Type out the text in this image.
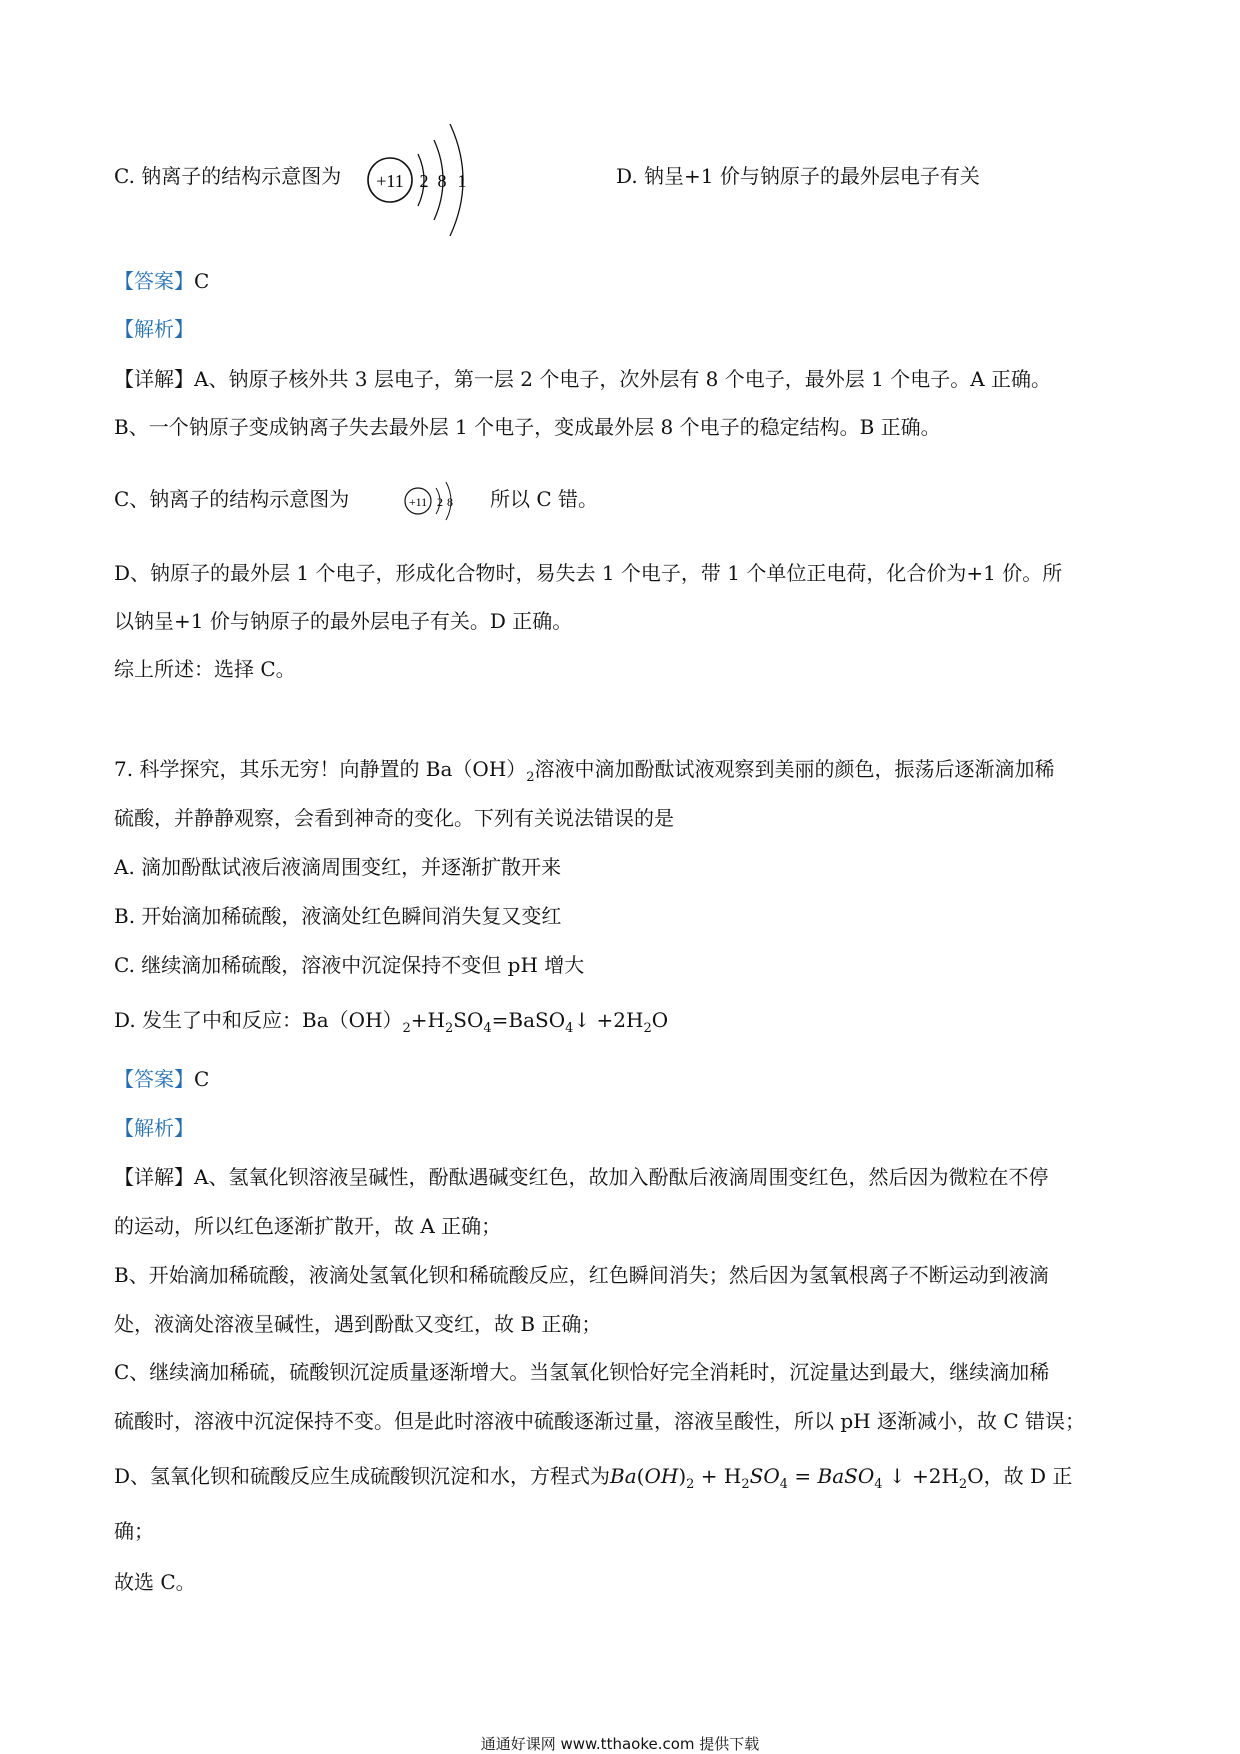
C. 钠离子的结构示意图为 +11 2 8 1	D. 钠呈+1 价与钠原子的最外层电子有关
【答案】C
【解析】
【详解】A、钠原子核外共 3 层电子，第一层 2 个电子，次外层有 8 个电子，最外层 1 个电子。A 正确。
B、一个钠原子变成钠离子失去最外层 1 个电子，变成最外层 8 个电子的稳定结构。B 正确。
C、钠离子的结构示意图为	+11 2 8 所以 C 错。
D、钠原子的最外层 1 个电子，形成化合物时，易失去 1 个电子，带 1 个单位正电荷，化合价为+1 价。所
以钠呈+1 价与钠原子的最外层电子有关。D 正确。
综上所述：选择 C。
7. 科学探究，其乐无穷！向静置的 $Ba(OH)_2$溶液中滴加酚酞试液观察到美丽的颜色，振荡后逐渐滴加稀
硫酸，并静静观察，会看到神奇的变化。下列有关说法错误的是
A. 滴加酚酞试液后液滴周围变红，并逐渐扩散开来
B. 开始滴加稀硫酸，液滴处红色瞬间消失复又变红
C. 继续滴加稀硫酸，溶液中沉淀保持不变但 pH 增大
D. 发生了中和反应：$Ba(OH)_2+H_2SO_4=BaSO_4↓ +2H_2O$
【答案】C
【解析】
【详解】A、氢氧化钡溶液呈碱性，酚酞遇碱变红色，故加入酚酞后液滴周围变红色，然后因为微粒在不停
的运动，所以红色逐渐扩散开，故 A 正确；
B、开始滴加稀硫酸，液滴处氢氧化钡和稀硫酸反应，红色瞬间消失；然后因为氢氧根离子不断运动到液滴
处，液滴处溶液呈碱性，遇到酚酞又变红，故 B 正确；
C、继续滴加稀硫，硫酸钡沉淀质量逐渐增大。当氢氧化钡恰好完全消耗时，沉淀量达到最大，继续滴加稀
硫酸时，溶液中沉淀保持不变。但是此时溶液中硫酸逐渐过量，溶液呈酸性，所以 pH 逐渐减小，故 C 错误；
D、氢氧化钡和硫酸反应生成硫酸钡沉淀和水，方程式为$Ba(OH)_2 + H_2SO_4$ = BaSO$_4$ ↓ $+2H_2O$，故 D 正
确；
故选 C。
通通好课网 www.tthaoke.com 提供下载
